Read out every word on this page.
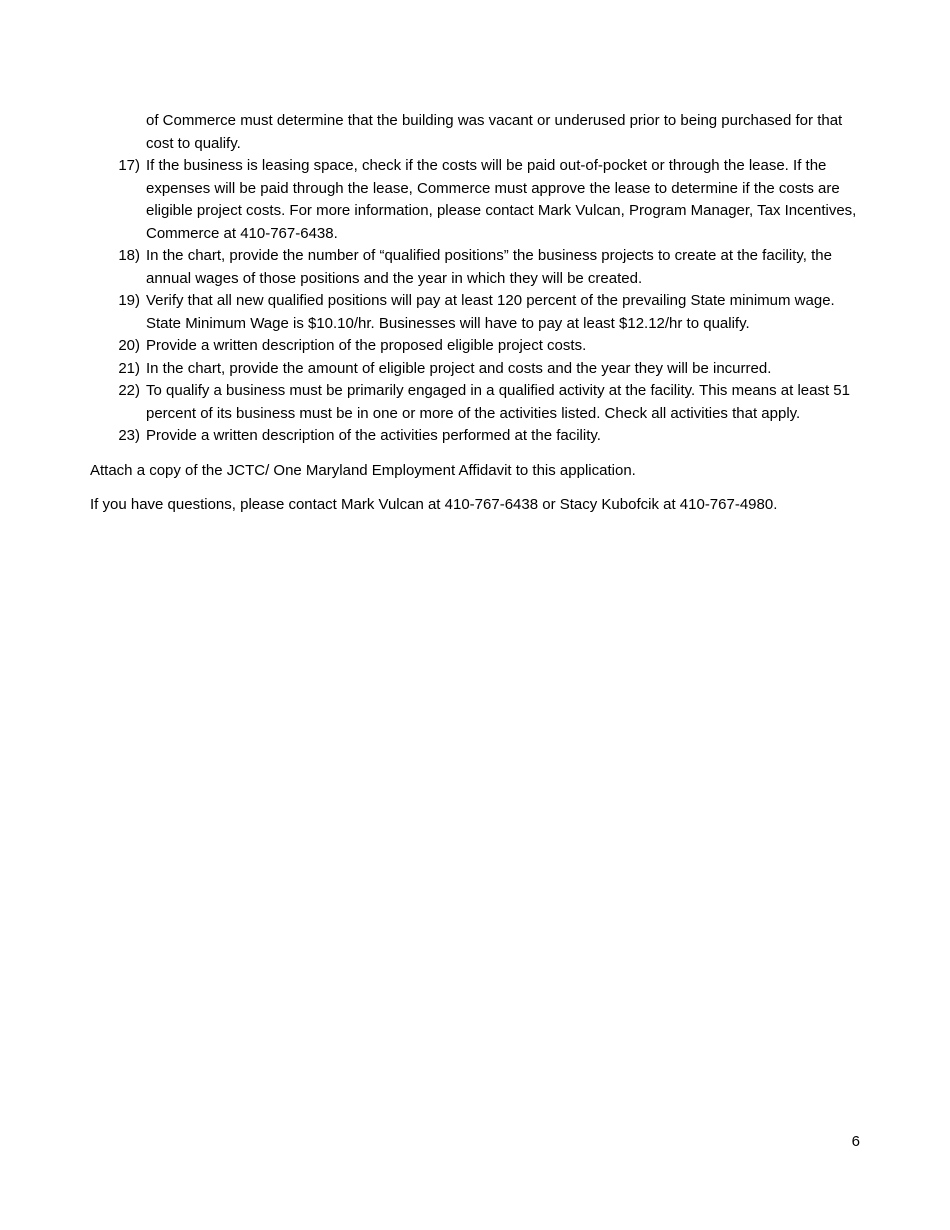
of Commerce must determine that the building was vacant or underused prior to being purchased for that cost to qualify.

17) If the business is leasing space, check if the costs will be paid out-of-pocket or through the lease. If the expenses will be paid through the lease, Commerce must approve the lease to determine if the costs are eligible project costs. For more information, please contact Mark Vulcan, Program Manager, Tax Incentives, Commerce at 410-767-6438.
18) In the chart, provide the number of “qualified positions” the business projects to create at the facility, the annual wages of those positions and the year in which they will be created.
19) Verify that all new qualified positions will pay at least 120 percent of the prevailing State minimum wage. State Minimum Wage is $10.10/hr. Businesses will have to pay at least $12.12/hr to qualify.
20) Provide a written description of the proposed eligible project costs.
21) In the chart, provide the amount of eligible project and costs and the year they will be incurred.
22) To qualify a business must be primarily engaged in a qualified activity at the facility. This means at least 51 percent of its business must be in one or more of the activities listed. Check all activities that apply.
23) Provide a written description of the activities performed at the facility.

Attach a copy of the JCTC/ One Maryland Employment Affidavit to this application.

If you have questions, please contact Mark Vulcan at 410-767-6438 or Stacy Kubofcik at 410-767-4980.

6
